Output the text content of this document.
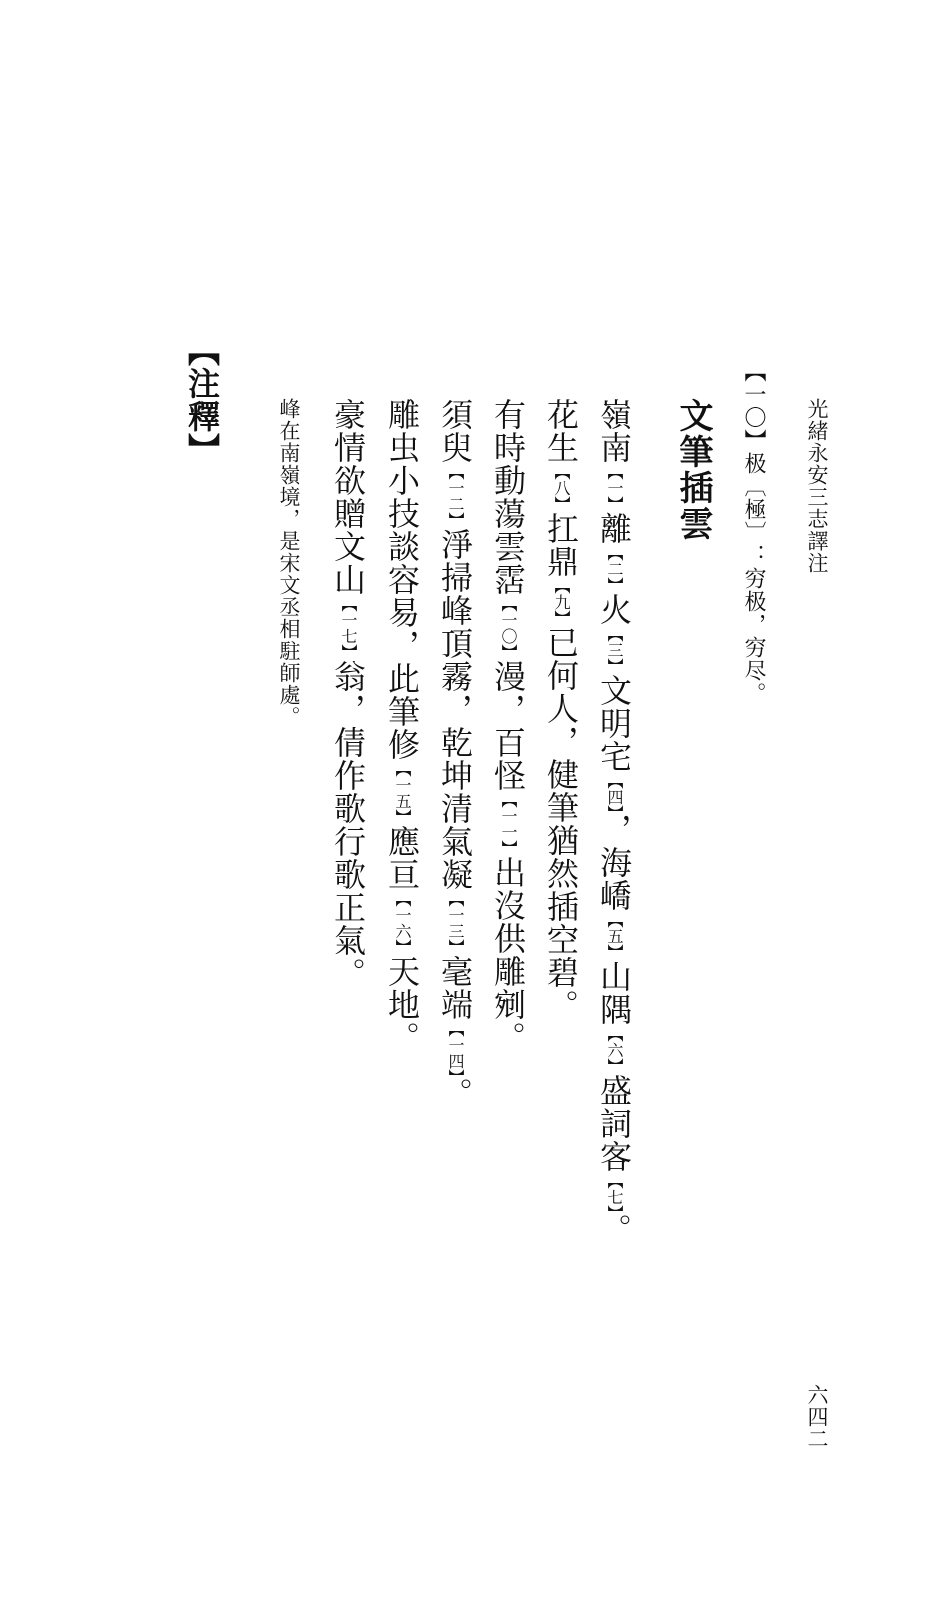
光緒永安三志譯注
【一〇】极〔極〕：穷极，穷尽。
文筆插雲
嶺南【一】離【二】火【三】文明宅【四】，海嶠【五】山隅【六】盛詞客【七】。
花生【八】扛鼎【九】已何人，健筆猶然插空碧。
有時動蕩雲霑【一〇】漫，百怪【一一】出沒供雕剜。
須臾【一二】淨掃峰頂霧，乾坤清氣凝【一三】毫端【一四】。
雕虫小技談容易，此筆修【一五】應亘【一六】天地。
豪情欲贈文山【一七】翁，倩作歌行歌正氣。
峰在南嶺境，是宋文丞相駐師處。
【注釋】
六四二
